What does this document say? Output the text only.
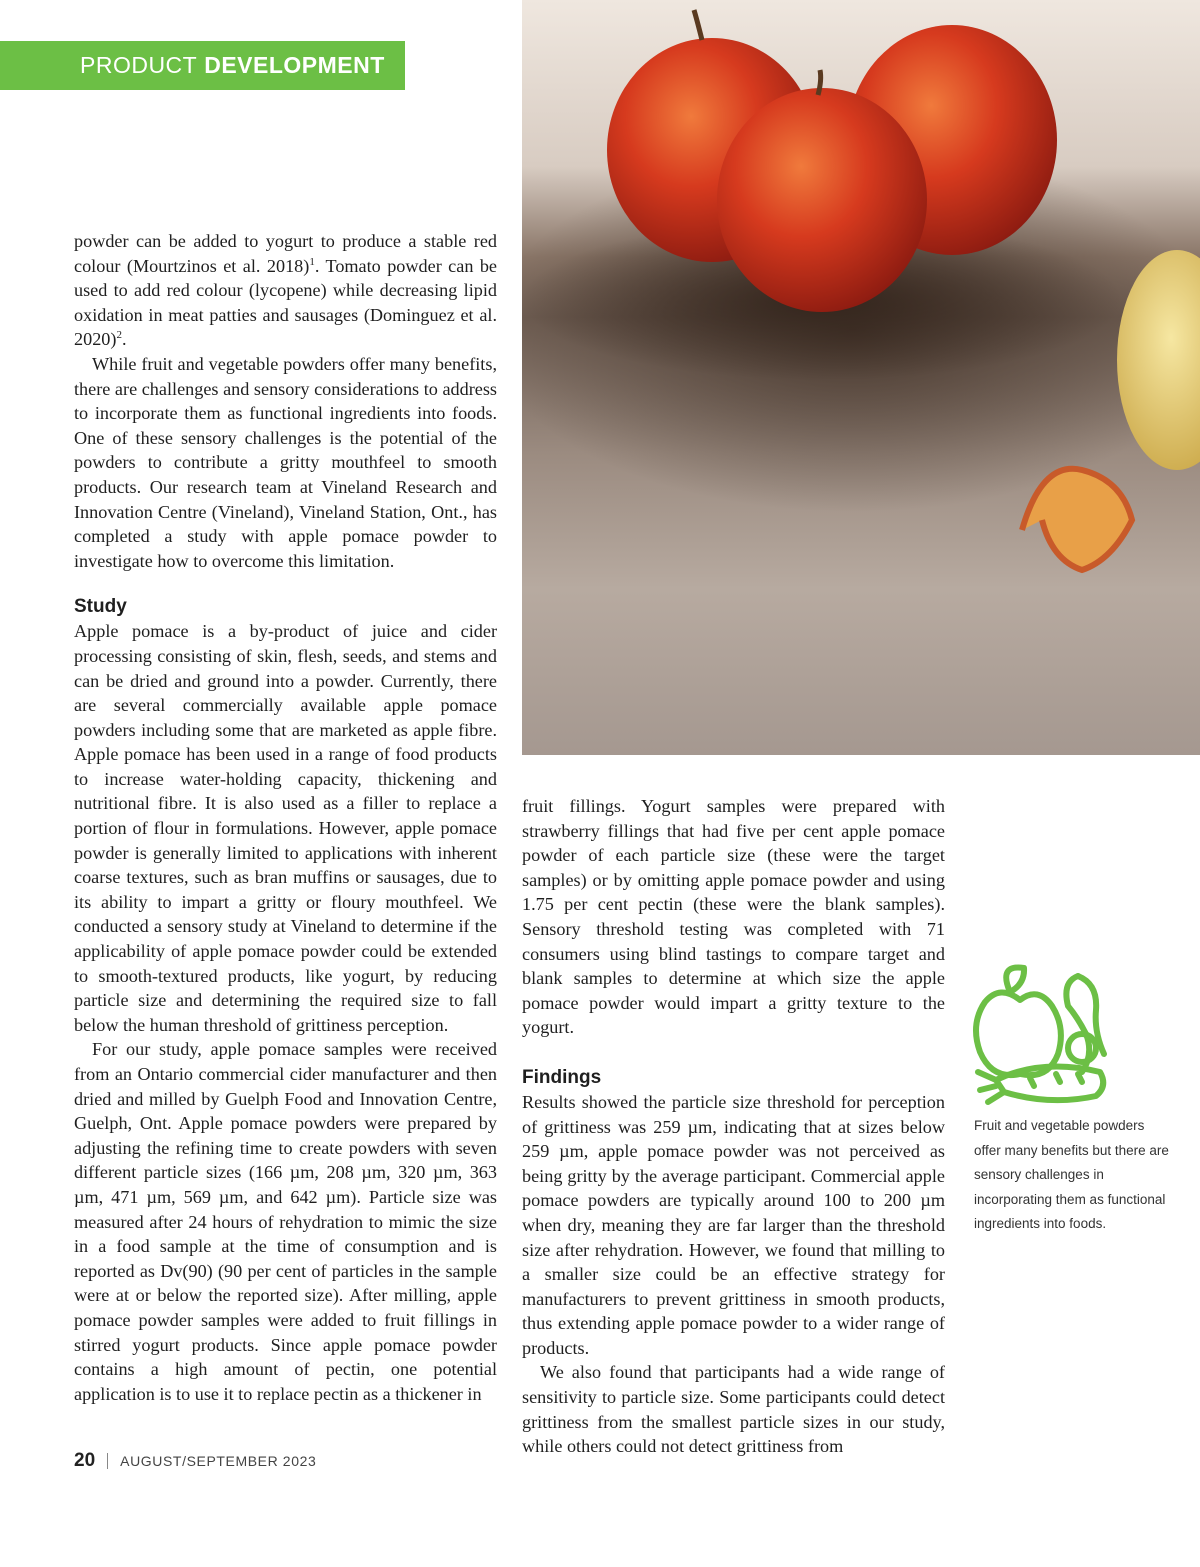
PRODUCT DEVELOPMENT

powder can be added to yogurt to produce a stable red colour (Mourtzinos et al. 2018)$^1$. Tomato powder can be used to add red colour (lycopene) while decreasing lipid oxidation in meat patties and sausages (Dominguez et al. 2020)$^2$.

While fruit and vegetable powders offer many benefits, there are challenges and sensory considerations to address to incorporate them as functional ingredients into foods. One of these sensory challenges is the potential of the powders to contribute a gritty mouthfeel to smooth products. Our research team at Vineland Research and Innovation Centre (Vineland), Vineland Station, Ont., has completed a study with apple pomace powder to investigate how to overcome this limitation.

Study

Apple pomace is a by-product of juice and cider processing consisting of skin, flesh, seeds, and stems and can be dried and ground into a powder. Currently, there are several commercially available apple pomace powders including some that are marketed as apple fibre. Apple pomace has been used in a range of food products to increase water-holding capacity, thickening and nutritional fibre. It is also used as a filler to replace a portion of flour in formulations. However, apple pomace powder is generally limited to applications with inherent coarse textures, such as bran muffins or sausages, due to its ability to impart a gritty or floury mouthfeel. We conducted a sensory study at Vineland to determine if the applicability of apple pomace powder could be extended to smooth-textured products, like yogurt, by reducing particle size and determining the required size to fall below the human threshold of grittiness perception.

For our study, apple pomace samples were received from an Ontario commercial cider manufacturer and then dried and milled by Guelph Food and Innovation Centre, Guelph, Ont. Apple pomace powders were prepared by adjusting the refining time to create powders with seven different particle sizes (166 µm, 208 µm, 320 µm, 363 µm, 471 µm, 569 µm, and 642 µm). Particle size was measured after 24 hours of rehydration to mimic the size in a food sample at the time of consumption and is reported as Dv(90) (90 per cent of particles in the sample were at or below the reported size). After milling, apple pomace powder samples were added to fruit fillings in stirred yogurt products. Since apple pomace powder contains a high amount of pectin, one potential application is to use it to replace pectin as a thickener in

fruit fillings. Yogurt samples were prepared with strawberry fillings that had five per cent apple pomace powder of each particle size (these were the target samples) or by omitting apple pomace powder and using 1.75 per cent pectin (these were the blank samples). Sensory threshold testing was completed with 71 consumers using blind tastings to compare target and blank samples to determine at which size the apple pomace powder would impart a gritty texture to the yogurt.

Findings

Results showed the particle size threshold for perception of grittiness was 259 µm, indicating that at sizes below 259 µm, apple pomace powder was not perceived as being gritty by the average participant. Commercial apple pomace powders are typically around 100 to 200 µm when dry, meaning they are far larger than the threshold size after rehydration. However, we found that milling to a smaller size could be an effective strategy for manufacturers to prevent grittiness in smooth products, thus extending apple pomace powder to a wider range of products.

We also found that participants had a wide range of sensitivity to particle size. Some participants could detect grittiness from the smallest particle sizes in our study, while others could not detect grittiness from

Fruit and vegetable powders offer many benefits but there are sensory challenges in incorporating them as functional ingredients into foods.
20 AUGUST/SEPTEMBER 2023
